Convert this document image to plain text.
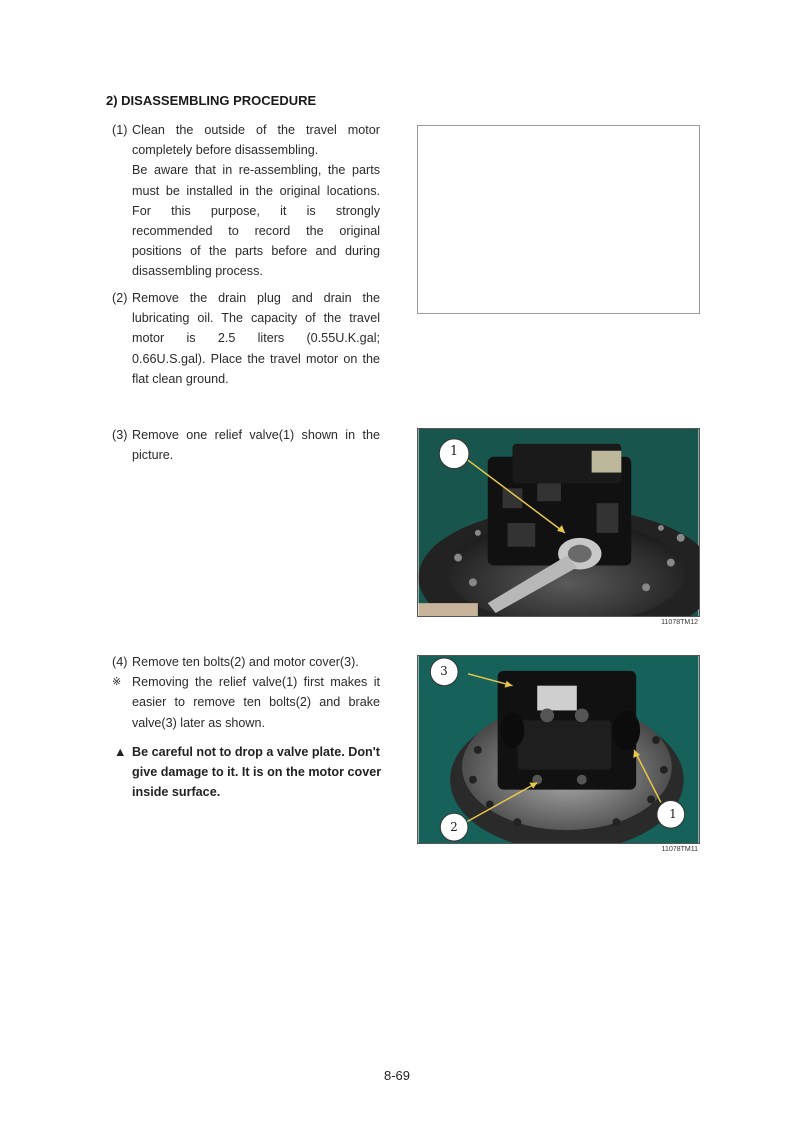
2) DISASSEMBLING PROCEDURE
(1) Clean the outside of the travel motor completely before disassembling.

Be aware that in re-assembling, the parts must be installed in the original locations. For this purpose, it is strongly recommended to record the original positions of the parts before and during disassembling process.

(2) Remove the drain plug and drain the lubricating oil. The capacity of the travel motor is 2.5 liters (0.55U.K.gal; 0.66U.S.gal). Place the travel motor on the flat clean ground.

(3) Remove one relief valve(1) shown in the picture.

(4) Remove ten bolts(2) and motor cover(3).

※ Removing the relief valve(1) first makes it easier to remove ten bolts(2) and brake valve(3) later as shown.

▲ Be careful not to drop a valve plate. Don't give damage to it. It is on the motor cover inside surface.

1
11078TM12
3
2
1
11078TM11
8-69
